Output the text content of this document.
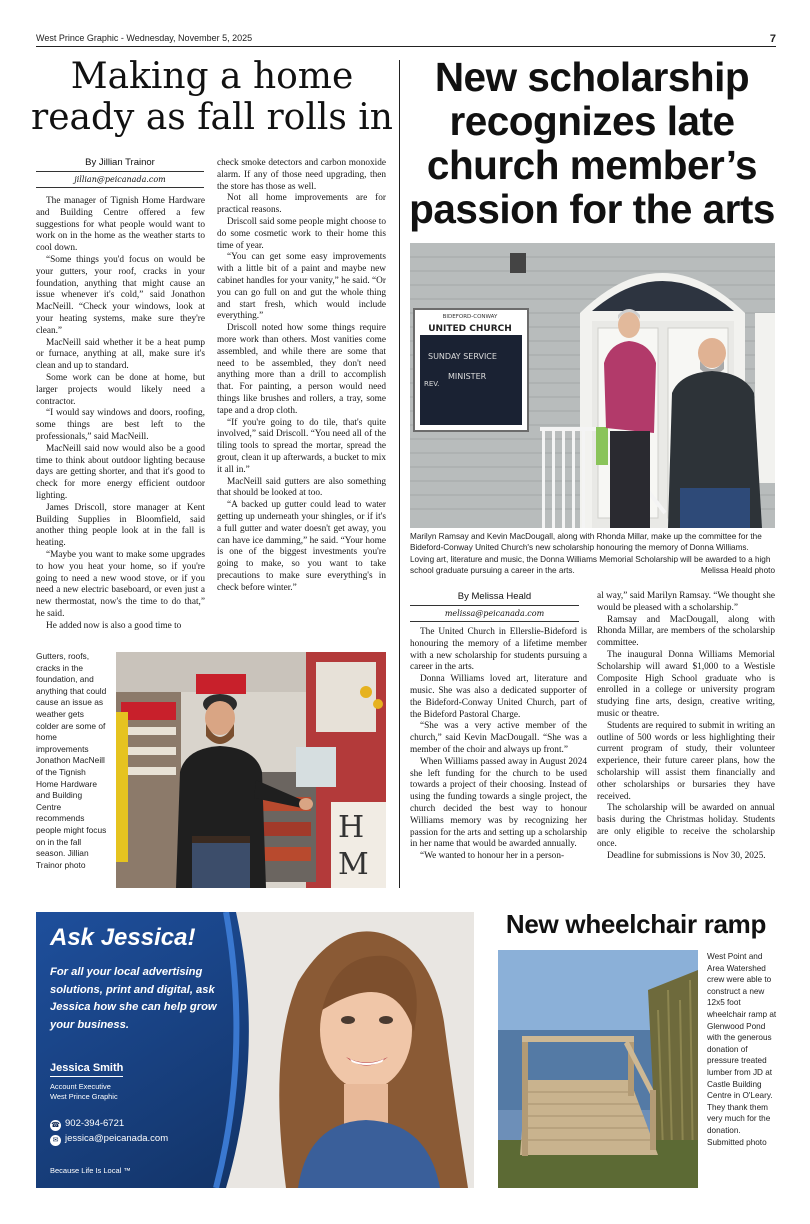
West Prince Graphic - Wednesday, November 5, 2025	7
Making a home
ready as fall rolls in
By Jillian Trainor
jillian@peicanada.com

The manager of Tignish Home Hardware and Building Centre offered a few suggestions for what people would want to work on in the home as the weather starts to cool down.

“Some things you'd focus on would be your gutters, your roof, cracks in your foundation, anything that might cause an issue whenever it's cold,” said Jonathon MacNeill. “Check your windows, look at your heating systems, make sure they're clean.”

MacNeill said whether it be a heat pump or furnace, anything at all, make sure it's clean and up to standard.

Some work can be done at home, but larger projects would likely need a contractor.

“I would say windows and doors, roofing, some things are best left to the professionals,” said MacNeill.

MacNeill said now would also be a good time to think about outdoor lighting because days are getting shorter, and that it's good to check for more energy efficient outdoor lighting.

James Driscoll, store manager at Kent Building Supplies in Bloomfield, said another thing people look at in the fall is heating.

“Maybe you want to make some upgrades to how you heat your home, so if you're going to need a new wood stove, or if you need a new electric baseboard, or even just a new thermostat, now's the time to do that,” he said.

He added now is also a good time to

check smoke detectors and carbon monoxide alarm. If any of those need upgrading, then the store has those as well.

Not all home improvements are for practical reasons.

Driscoll said some people might choose to do some cosmetic work to their home this time of year.

“You can get some easy improvements with a little bit of a paint and maybe new cabinet handles for your vanity,” he said. “Or you can go full on and gut the whole thing and start fresh, which would include everything.”

Driscoll noted how some things require more work than others. Most vanities come assembled, and while there are some that need to be assembled, they don't need anything more than a drill to accomplish that. For painting, a person would need things like brushes and rollers, a tray, some tape and a drop cloth.

“If you're going to do tile, that's quite involved,” said Driscoll. “You need all of the tiling tools to spread the mortar, spread the grout, clean it up afterwards, a bucket to mix it all in.”

MacNeill said gutters are also something that should be looked at too.

“A backed up gutter could lead to water getting up underneath your shingles, or if it's a full gutter and water doesn't get away, you can have ice damming,” he said. “Your home is one of the biggest investments you're going to make, so you want to take precautions to make sure everything's in check before winter.”

Gutters, roofs, cracks in the foundation, and anything that could cause an issue as weather gets colder are some of home improvements Jonathon MacNeill of the Tignish Home Hardware and Building Centre recommends people might focus on in the fall season. Jillian Trainor photo
H
M
New scholarship recognizes late church member’s passion for the arts
BIDEFORD-CONWAY
UNITED CHURCH
SUNDAY SERVICE
MINISTER
REV.
Marilyn Ramsay and Kevin MacDougall, along with Rhonda Millar, make up the committee for the Bideford-Conway United Church's new scholarship honouring the memory of Donna Williams. Loving art, literature and music, the Donna Williams Memorial Scholarship will be awarded to a high school graduate pursuing a career in the arts.	Melissa Heald photo
By Melissa Heald
melissa@peicanada.com

The United Church in Ellerslie-Bideford is honouring the memory of a lifetime member with a new scholarship for students pursuing a career in the arts.

Donna Williams loved art, literature and music. She was also a dedicated supporter of the Bideford-Conway United Church, part of the Bideford Pastoral Charge.

“She was a very active member of the church,” said Kevin MacDougall. “She was a member of the choir and always up front.”

When Williams passed away in August 2024 she left funding for the church to be used towards a project of their choosing. Instead of using the funding towards a single project, the church decided the best way to honour Williams memory was by recognizing her passion for the arts and setting up a scholarship in her name that would be awarded annually.

“We wanted to honour her in a person-

al way,” said Marilyn Ramsay. “We thought she would be pleased with a scholarship.”

Ramsay and MacDougall, along with Rhonda Millar, are members of the scholarship committee.

The inaugural Donna Williams Memorial Scholarship will award $1,000 to a Westisle Composite High School graduate who is enrolled in a college or university program studying fine arts, design, creative writing, music or theatre.

Students are required to submit in writing an outline of 500 words or less highlighting their current program of study, their volunteer experience, their future career plans, how the scholarship will assist them financially and other scholarships or bursaries they have received.

The scholarship will be awarded on annual basis during the Christmas holiday. Students are only eligible to receive the scholarship once.

Deadline for submissions is Nov 30, 2025.

Ask Jessica!
For all your local advertising solutions, print and digital, ask Jessica how she can help grow your business.
Jessica Smith
Account Executive
West Prince Graphic
☎ 902-394-6721
✉ jessica@peicanada.com
Because Life Is Local ™
New wheelchair ramp
West Point and Area Watershed crew were able to construct a new 12x5 foot wheelchair ramp at Glenwood Pond with the generous donation of pressure treated lumber from JD at Castle Building Centre in O'Leary. They thank them very much for the donation. Submitted photo
